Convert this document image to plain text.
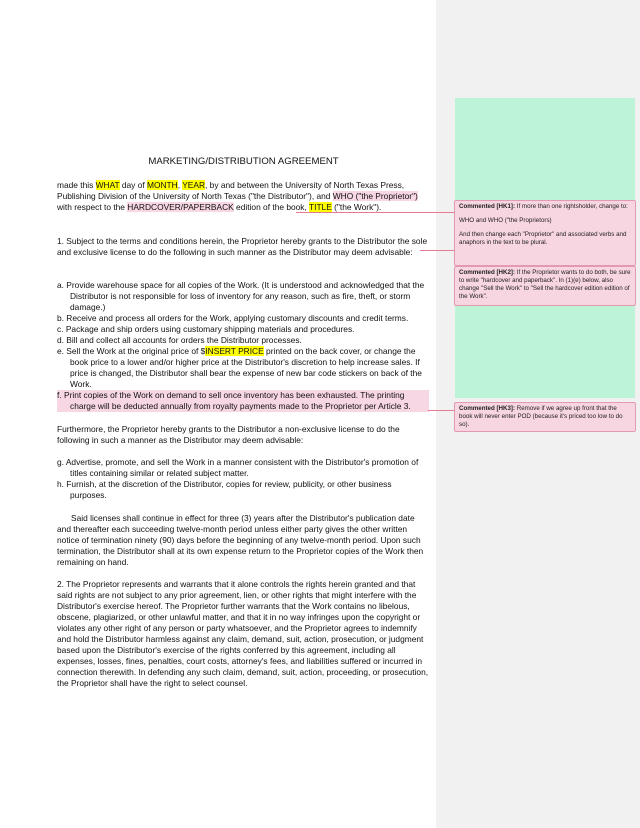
MARKETING/DISTRIBUTION AGREEMENT
made this WHAT day of MONTH, YEAR, by and between the University of North Texas Press, Publishing Division of the University of North Texas ("the Distributor"), and WHO ("the Proprietor") with respect to the HARDCOVER/PAPERBACK edition of the book, TITLE ("the Work").
1. Subject to the terms and conditions herein, the Proprietor hereby grants to the Distributor the sole and exclusive license to do the following in such manner as the Distributor may deem advisable:
a. Provide warehouse space for all copies of the Work. (It is understood and acknowledged that the Distributor is not responsible for loss of inventory for any reason, such as fire, theft, or storm damage.)
b. Receive and process all orders for the Work, applying customary discounts and credit terms.
c. Package and ship orders using customary shipping materials and procedures.
d. Bill and collect all accounts for orders the Distributor processes.
e. Sell the Work at the original price of $INSERT PRICE printed on the back cover, or change the book price to a lower and/or higher price at the Distributor's discretion to help increase sales. If price is changed, the Distributor shall bear the expense of new bar code stickers on back of the Work.
f. Print copies of the Work on demand to sell once inventory has been exhausted. The printing charge will be deducted annually from royalty payments made to the Proprietor per Article 3.
Furthermore, the Proprietor hereby grants to the Distributor a non-exclusive license to do the following in such a manner as the Distributor may deem advisable:
g. Advertise, promote, and sell the Work in a manner consistent with the Distributor's promotion of titles containing similar or related subject matter.
h. Furnish, at the discretion of the Distributor, copies for review, publicity, or other business purposes.
Said licenses shall continue in effect for three (3) years after the Distributor's publication date and thereafter each succeeding twelve-month period unless either party gives the other written notice of termination ninety (90) days before the beginning of any twelve-month period. Upon such termination, the Distributor shall at its own expense return to the Proprietor copies of the Work then remaining on hand.
2. The Proprietor represents and warrants that it alone controls the rights herein granted and that said rights are not subject to any prior agreement, lien, or other rights that might interfere with the Distributor's exercise hereof. The Proprietor further warrants that the Work contains no libelous, obscene, plagiarized, or other unlawful matter, and that it in no way infringes upon the copyright or violates any other right of any person or party whatsoever, and the Proprietor agrees to indemnify and hold the Distributor harmless against any claim, demand, suit, action, prosecution, or judgment based upon the Distributor's exercise of the rights conferred by this agreement, including all expenses, losses, fines, penalties, court costs, attorney's fees, and liabilities suffered or incurred in connection therewith. In defending any such claim, demand, suit, action, proceeding, or prosecution, the Proprietor shall have the right to select counsel.
Commented [HK1]: If more than one rightsholder, change to:
WHO and WHO ("the Proprietors)
And then change each "Proprietor" and associated verbs and anaphors in the text to be plural.
Commented [HK2]: If the Proprietor wants to do both, be sure to write "hardcover and paperback". In (1)(e) below, also change "Sell the Work" to "Sell the hardcover edition edition of the Work".
Commented [HK3]: Remove if we agree up front that the book will never enter POD (because it's priced too low to do so).
